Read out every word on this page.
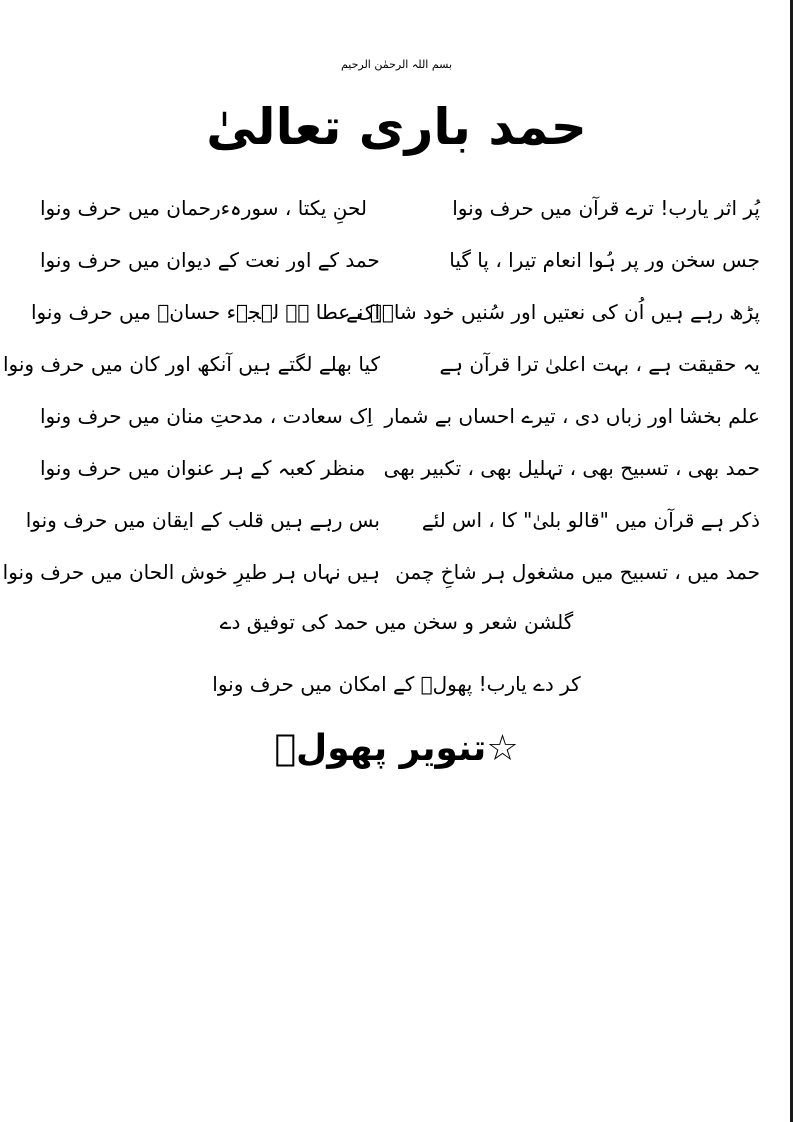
بسم اللہ الرحمٰن الرحیم
حمد باری تعالیٰ
پُر اثر یارب! ترے قرآن میں حرف ونوا
لحنِ یکتا ، سورہءرحمان میں حرف ونوا
جس سخن ور پر ہُوا انعام تیرا ، پا گیا
حمد کے اور نعت کے دیوان میں حرف ونوا
پڑھ رہے ہیں اُن کی نعتیں اور سُنیں خود شاہؐ نے
اِک عطا ہے لہجہء حسانؓ میں حرف ونوا
یہ حقیقت ہے ، بہت اعلیٰ ترا قرآن ہے
کیا بھلے لگتے ہیں آنکھ اور کان میں حرف ونوا
علم بخشا اور زباں دی ، تیرے احساں بے شمار
اِک سعادت ، مدحتِ منان میں حرف ونوا
حمد بھی ، تسبیح بھی ، تہلیل بھی ، تکبیر بھی
منظر کعبہ کے ہر عنوان میں حرف ونوا
ذکر ہے قرآن میں "قالو بلیٰ" کا ، اس لئے
بس رہے ہیں قلب کے ایقان میں حرف ونوا
حمد میں ، تسبیح میں مشغول ہر شاخِ چمن
ہیں نہاں ہر طیرِ خوش الحان میں حرف ونوا
گلشن شعر و سخن میں حمد کی توفیق دے
کر دے یارب! پھولؔ کے امکان میں حرف ونوا
☆تنویر پھولؔ
